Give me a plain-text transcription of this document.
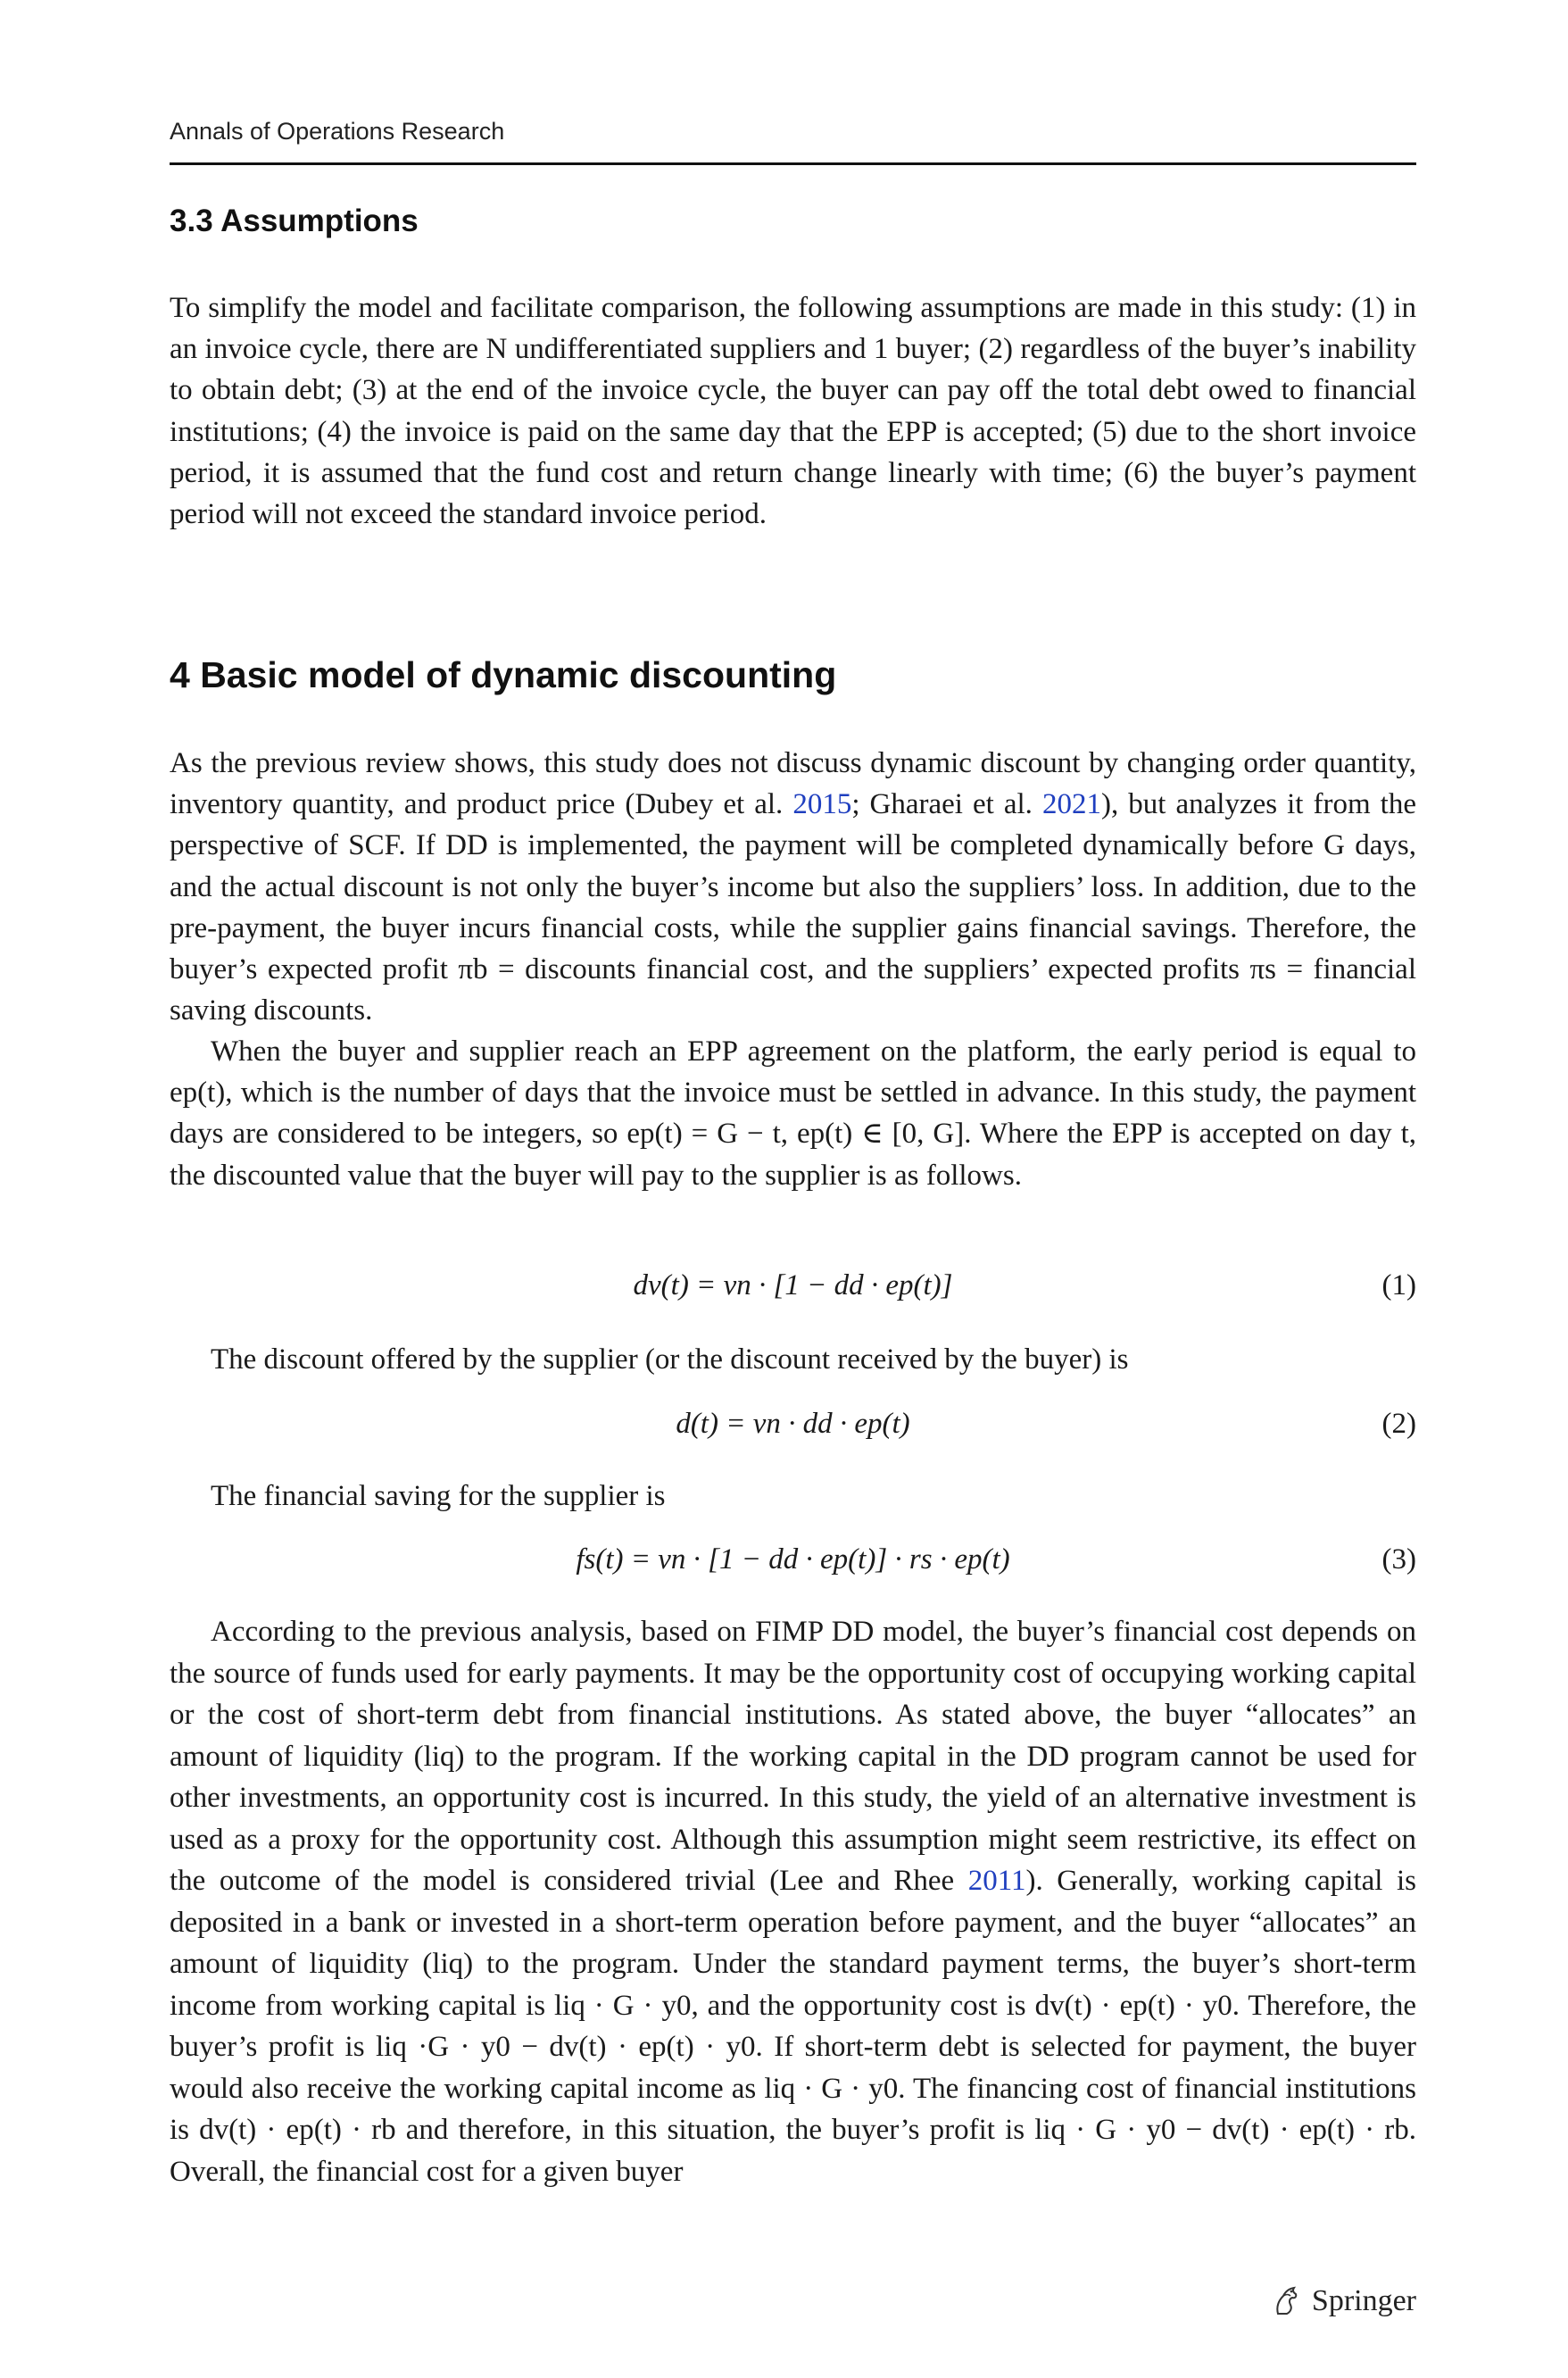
Annals of Operations Research
3.3 Assumptions

To simplify the model and facilitate comparison, the following assumptions are made in this study: (1) in an invoice cycle, there are N undifferentiated suppliers and 1 buyer; (2) regardless of the buyer’s inability to obtain debt; (3) at the end of the invoice cycle, the buyer can pay off the total debt owed to financial institutions; (4) the invoice is paid on the same day that the EPP is accepted; (5) due to the short invoice period, it is assumed that the fund cost and return change linearly with time; (6) the buyer’s payment period will not exceed the standard invoice period.

4 Basic model of dynamic discounting

As the previous review shows, this study does not discuss dynamic discount by changing order quantity, inventory quantity, and product price (Dubey et al. 2015; Gharaei et al. 2021), but analyzes it from the perspective of SCF. If DD is implemented, the payment will be completed dynamically before G days, and the actual discount is not only the buyer’s income but also the suppliers’ loss. In addition, due to the pre-payment, the buyer incurs financial costs, while the supplier gains financial savings. Therefore, the buyer’s expected profit πb = discounts financial cost, and the suppliers’ expected profits πs = financial saving discounts.

When the buyer and supplier reach an EPP agreement on the platform, the early period is equal to ep(t), which is the number of days that the invoice must be settled in advance. In this study, the payment days are considered to be integers, so ep(t) = G − t, ep(t) ∈ [0, G]. Where the EPP is accepted on day t, the discounted value that the buyer will pay to the supplier is as follows.

dv(t) = vn · [1 − dd · ep(t)]	(1)

The discount offered by the supplier (or the discount received by the buyer) is

d(t) = vn · dd · ep(t)	(2)

The financial saving for the supplier is

fs(t) = vn · [1 − dd · ep(t)] · rs · ep(t)	(3)

According to the previous analysis, based on FIMP DD model, the buyer’s financial cost depends on the source of funds used for early payments. It may be the opportunity cost of occupying working capital or the cost of short-term debt from financial institutions. As stated above, the buyer “allocates” an amount of liquidity (liq) to the program. If the working capital in the DD program cannot be used for other investments, an opportunity cost is incurred. In this study, the yield of an alternative investment is used as a proxy for the opportunity cost. Although this assumption might seem restrictive, its effect on the outcome of the model is considered trivial (Lee and Rhee 2011). Generally, working capital is deposited in a bank or invested in a short-term operation before payment, and the buyer “allocates” an amount of liquidity (liq) to the program. Under the standard payment terms, the buyer’s short-term income from working capital is liq · G · y0, and the opportunity cost is dv(t) · ep(t) · y0. Therefore, the buyer’s profit is liq ·G · y0 − dv(t) · ep(t) · y0. If short-term debt is selected for payment, the buyer would also receive the working capital income as liq · G · y0. The financing cost of financial institutions is dv(t) · ep(t) · rb and therefore, in this situation, the buyer’s profit is liq · G · y0 − dv(t) · ep(t) · rb. Overall, the financial cost for a given buyer

Springer
